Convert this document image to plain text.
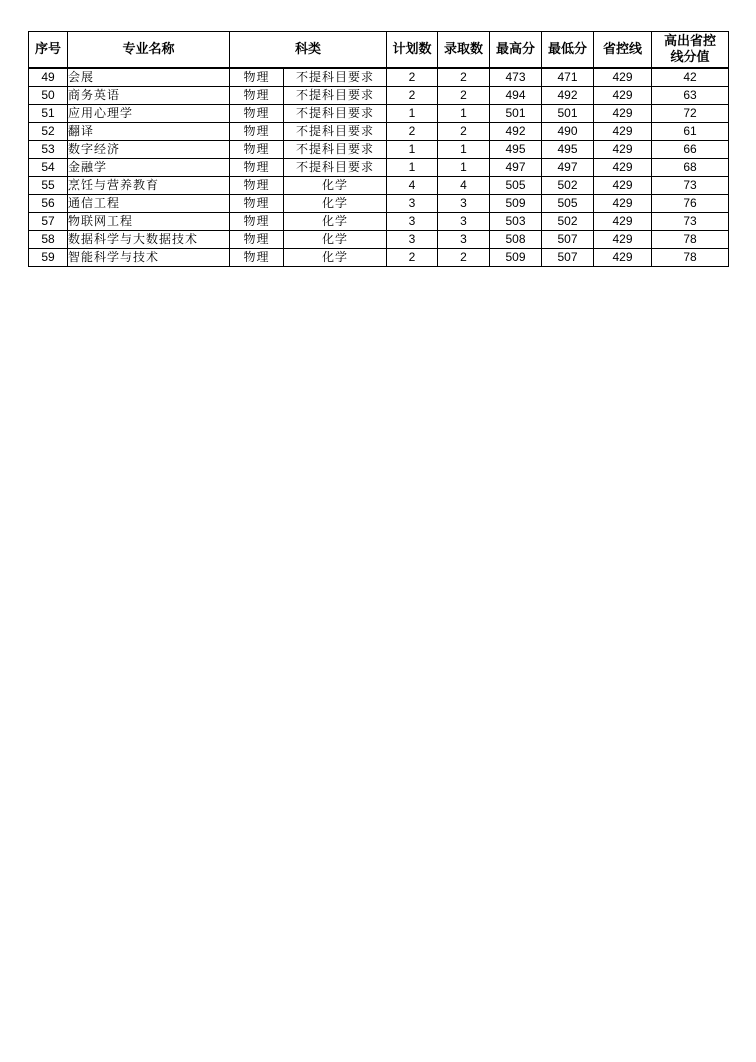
序号	专业名称	科类		计划数	录取数	最高分	最低分	省控线	高出省控线分值
49	会展	物理	不提科目要求	2	2	473	471	429	42
50	商务英语	物理	不提科目要求	2	2	494	492	429	63
51	应用心理学	物理	不提科目要求	1	1	501	501	429	72
52	翻译	物理	不提科目要求	2	2	492	490	429	61
53	数字经济	物理	不提科目要求	1	1	495	495	429	66
54	金融学	物理	不提科目要求	1	1	497	497	429	68
55	烹饪与营养教育	物理	化学	4	4	505	502	429	73
56	通信工程	物理	化学	3	3	509	505	429	76
57	物联网工程	物理	化学	3	3	503	502	429	73
58	数据科学与大数据技术	物理	化学	3	3	508	507	429	78
59	智能科学与技术	物理	化学	2	2	509	507	429	78
